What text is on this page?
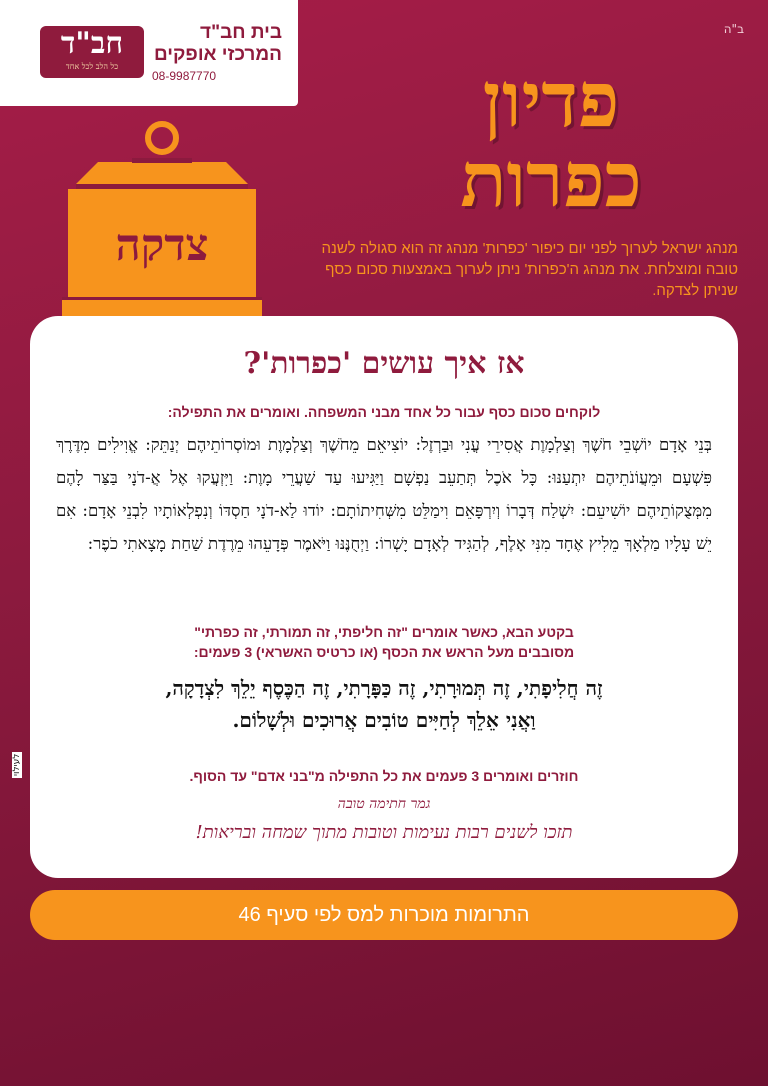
חב"ד
כל הלב לכל אחד
בית חב"ד
המרכזי אופקים
08-9987770
ב"ה
צדקה
פדיון
כפרות
מנהג ישראל לערוך לפני יום כיפור 'כפרות' מנהג זה הוא סגולה לשנה טובה ומוצלחת. את מנהג ה'כפרות' ניתן לערוך באמצעות סכום כסף שניתן לצדקה.
אז איך עושים 'כפרות'?
לוקחים סכום כסף עבור כל אחד מבני המשפחה. ואומרים את התפילה:
בְּנֵי אָדָם יוֹשְׁבֵי חֹשֶׁךְ וְצַלְמָוֶת אֲסִירֵי עֳנִי וּבַרְזֶל: יוֹצִיאֵם מֵחֹשֶׁךְ וְצַלְמָוֶת וּמוֹסְרוֹתֵיהֶם יְנַתֵּק: אֱוִילִים מִדֶּרֶךְ פִּשְׁעָם וּמֵעֲוֹנֹתֵיהֶם יִתְעַנּוּ: כָּל אֹכֶל תְּתַעֵב נַפְשָׁם וַיַּגִּיעוּ עַד שַׁעֲרֵי מָוֶת: וַיִּזְעֲקוּ אֶל אֲ-דֹנָי בַּצַּר לָהֶם מִמְּצֻקוֹתֵיהֶם יוֹשִׁיעֵם: יִשְׁלַח דְּבָרוֹ וְיִרְפָּאֵם וִימַלֵּט מִשְּׁחִיתוֹתָם: יוֹדוּ לַא-דֹנָי חַסְדּוֹ וְנִפְלְאוֹתָיו לִבְנֵי אָדָם: אִם יֵשׁ עָלָיו מַלְאָךְ מֵלִיץ אֶחָד מִנִּי אָלֶף, לְהַגִּיד לְאָדָם יָשְׁרוֹ: וַיְחֻנֶּנּוּ וַיֹּאמֶר פְּדָעֵהוּ מֵרֶדֶת שַׁחַת מָצָאתִי כֹפֶר:
בקטע הבא, כאשר אומרים "זה חליפתי, זה תמורתי, זה כפרתי"
מסובבים מעל הראש את הכסף (או כרטיס האשראי) 3 פעמים:
זֶה חֲלִיפָתִי, זֶה תְּמוּרָתִי, זֶה כַּפָּרָתִי, זֶה הַכֶּסֶף יֵלֵךְ לִצְדָקָה,
וַאֲנִי אֵלֵךְ לְחַיִּים טוֹבִים אֲרוּכִים וּלְשָׁלוֹם.
חוזרים ואומרים 3 פעמים את כל התפילה מ"בני אדם" עד הסוף.
גמר חתימה טובה
תזכו לשנים רבות נעימות וטובות מתוך שמחה ובריאות!
לעילוי
התרומות מוכרות למס לפי סעיף 46
